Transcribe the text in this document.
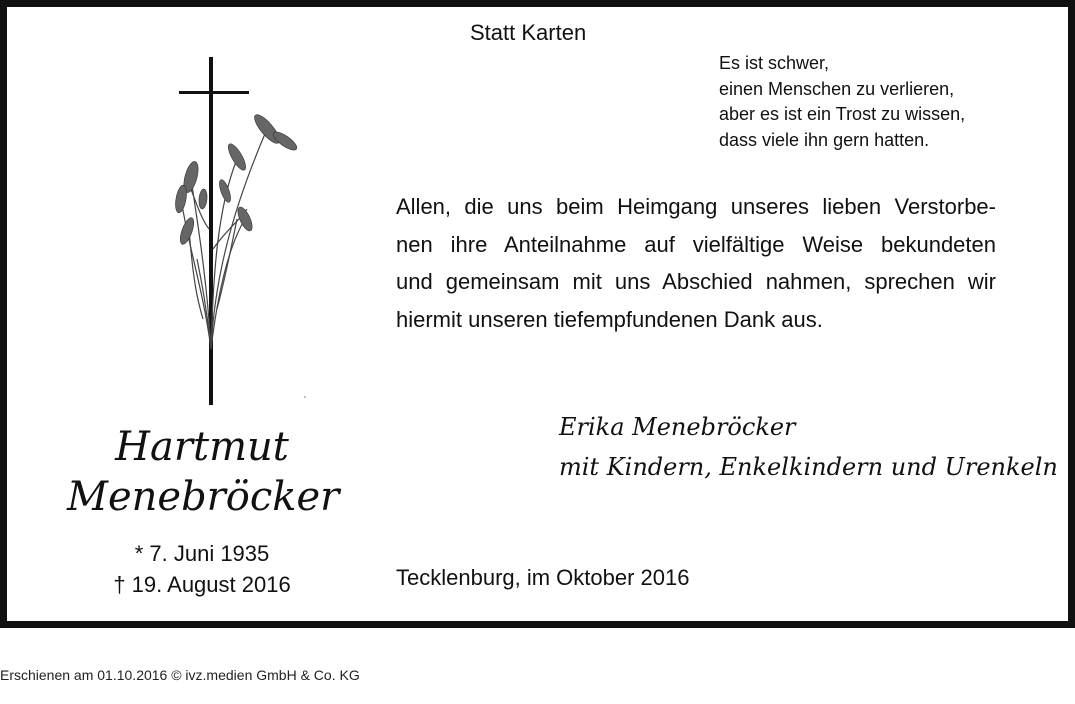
Statt Karten
Es ist schwer,
einen Menschen zu verlieren,
aber es ist ein Trost zu wissen,
dass viele ihn gern hatten.
Allen, die uns beim Heimgang unseres lieben Verstorbe-
nen ihre Anteilnahme auf vielfältige Weise bekundeten
und gemeinsam mit uns Abschied nahmen, sprechen wir
hiermit unseren tiefempfundenen Dank aus.
Erika Menebröcker
mit Kindern, Enkelkindern und Urenkeln
Hartmut
Menebröcker
* 7. Juni 1935
† 19. August 2016	Tecklenburg, im Oktober 2016
Erschienen am 01.10.2016 © ivz.medien GmbH & Co. KG
